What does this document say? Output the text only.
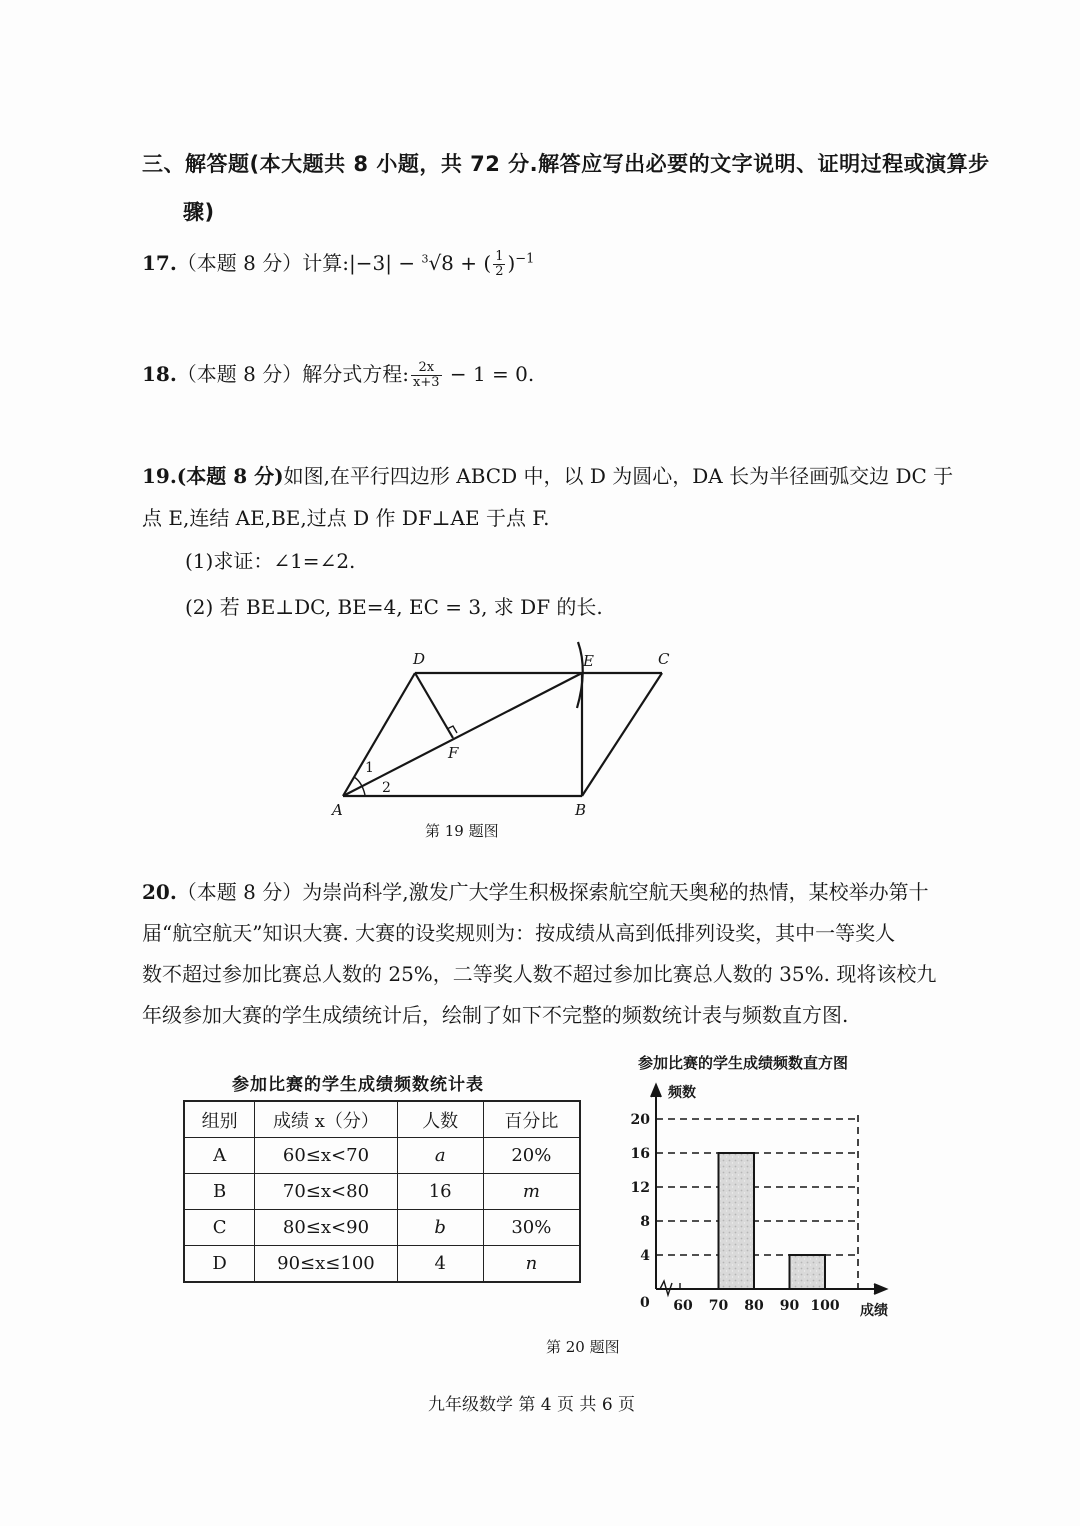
三、解答题(本大题共 8 小题，共 72 分.解答应写出必要的文字说明、证明过程或演算步
骤)
17.（本题 8 分）计算:|−3| − $^3$√8 + ( $\frac{1}{2} )^{-1}$
18.（本题 8 分）解分式方程: $\frac{2x}{x+3} - 1 = 0$.
19.(本题 8 分)如图,在平行四边形 ABCD 中，以 D 为圆心，DA 长为半径画弧交边 DC 于
点 E,连结 AE,BE,过点 D 作 DF⊥AE 于点 F.
(1)求证：∠1=∠2.
(2) 若 BE⊥DC, BE=4, EC = 3, 求 DF 的长.
D	E	C
F
A	B
1
2
第 19 题图
20.（本题 8 分）为崇尚科学,激发广大学生积极探索航空航天奥秘的热情，某校举办第十
届“航空航天”知识大赛. 大赛的设奖规则为：按成绩从高到低排列设奖，其中一等奖人
数不超过参加比赛总人数的 25%，二等奖人数不超过参加比赛总人数的 35%. 现将该校九
年级参加大赛的学生成绩统计后，绘制了如下不完整的频数统计表与频数直方图.
参加比赛的学生成绩频数统计表
组别	成绩 x（分）	人数	百分比
A	60≤x<70	a	20%
B	70≤x<80	16	m
C	80≤x<90	b	30%
D	90≤x≤100	4	n
参加比赛的学生成绩频数直方图
4
8
12
16
20
60 70 80 90 100
频数
成绩
0
第 20 题图
九年级数学 第 4 页 共 6 页
